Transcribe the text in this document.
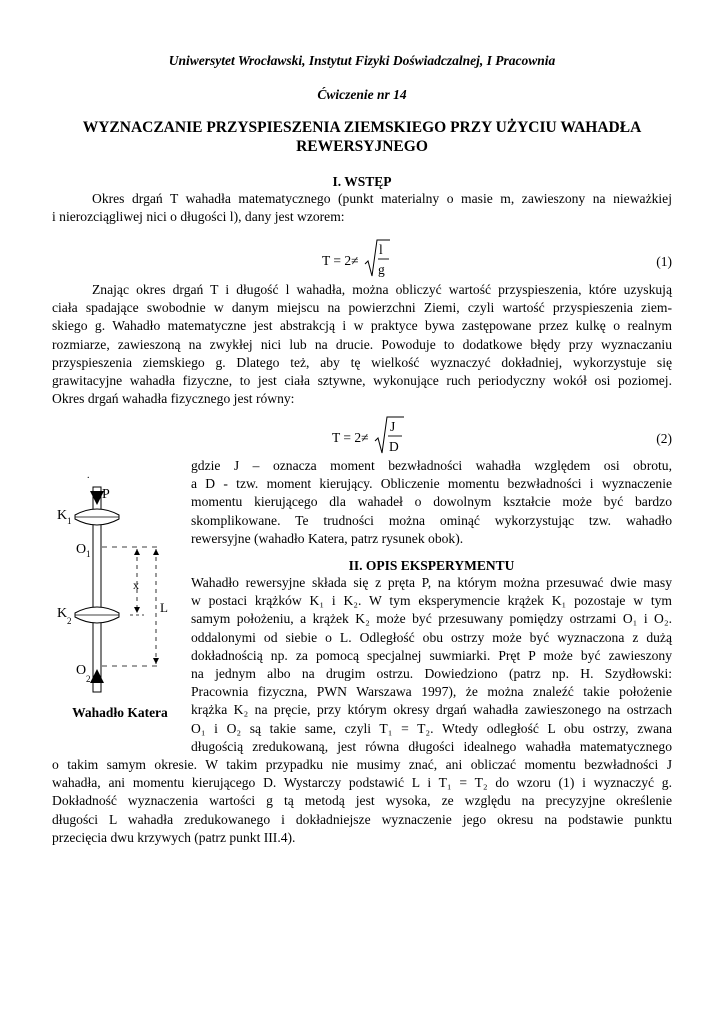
Uniwersytet Wrocławski, Instytut Fizyki Doświadczalnej, I Pracownia
Ćwiczenie nr 14
WYZNACZANIE PRZYSPIESZENIA ZIEMSKIEGO PRZY UŻYCIU WAHADŁA
REWERSYJNEGO
I. WSTĘP
Okres drgań T wahadła matematycznego (punkt materialny o masie m, zawieszony na nieważkiej
i nierozciągliwej nici o długości l), dany jest wzorem:
T = 2≠
l
g
(1)
Znając okres drgań T i długość l wahadła, można obliczyć wartość przyspieszenia, które uzyskują
ciała spadające swobodnie w danym miejscu na powierzchni Ziemi, czyli wartość przyspieszenia ziem-
skiego g. Wahadło matematyczne jest abstrakcją i w praktyce bywa zastępowane przez kulkę o realnym
rozmiarze, zawieszoną na zwykłej nici lub na drucie. Powoduje to dodatkowe błędy przy wyznaczaniu
przyspieszenia ziemskiego g. Dlatego też, aby tę wielkość wyznaczyć dokładniej, wykorzystuje się
grawitacyjne wahadła fizyczne, to jest ciała sztywne, wykonujące ruch periodyczny wokół osi poziomej.
Okres drgań wahadła fizycznego jest równy:
T = 2≠
J
D
(2)
gdzie J – oznacza moment bezwładności wahadła względem osi obrotu,
a D - tzw. moment kierujący. Obliczenie momentu bezwładności i wyznaczenie
momentu kierującego dla wahadeł o dowolnym kształcie może być bardzo
skomplikowane. Te trudności można ominąć wykorzystując tzw. wahadło
rewersyjne (wahadło Katera, patrz rysunek obok).
II. OPIS EKSPERYMENTU
Wahadło rewersyjne składa się z pręta P, na którym można przesuwać dwie masy
w postaci krążków K₁ i K₂. W tym eksperymencie krążek K₁ pozostaje w tym
samym położeniu, a krążek K₂ może być przesuwany pomiędzy ostrzami O₁ i O₂.
oddalonymi od siebie o L. Odległość obu ostrzy może być wyznaczona z dużą
dokładnością np. za pomocą specjalnej suwmiarki. Pręt P może być zawieszony
na jednym albo na drugim ostrzu. Dowiedziono (patrz np. H. Szydłowski:
Pracownia fizyczna, PWN Warszawa 1997), że można znaleźć takie położenie
krążka K₂ na pręcie, przy którym okresy drgań wahadła zawieszonego na ostrzach
O₁ i O₂ są takie same, czyli T₁ = T₂. Wtedy odległość L obu ostrzy, zwana
długością zredukowaną, jest równa długości idealnego wahadła matematycznego
o takim samym okresie. W takim przypadku nie musimy znać, ani obliczać momentu bezwładności J
wahadła, ani momentu kierującego D. Wystarczy podstawić L i T₁ = T₂ do wzoru (1) i wyznaczyć g.
Dokładność wyznaczenia wartości g tą metodą jest wysoka, ze względu na precyzyjne określenie
długości L wahadła zredukowanego i dokładniejsze wyznaczenie jego okresu na podstawie punktu
przecięcia dwu krzywych (patrz punkt III.4).
.
P
K 1
O 1
x
L
K 2
O
2
Wahadło Katera
